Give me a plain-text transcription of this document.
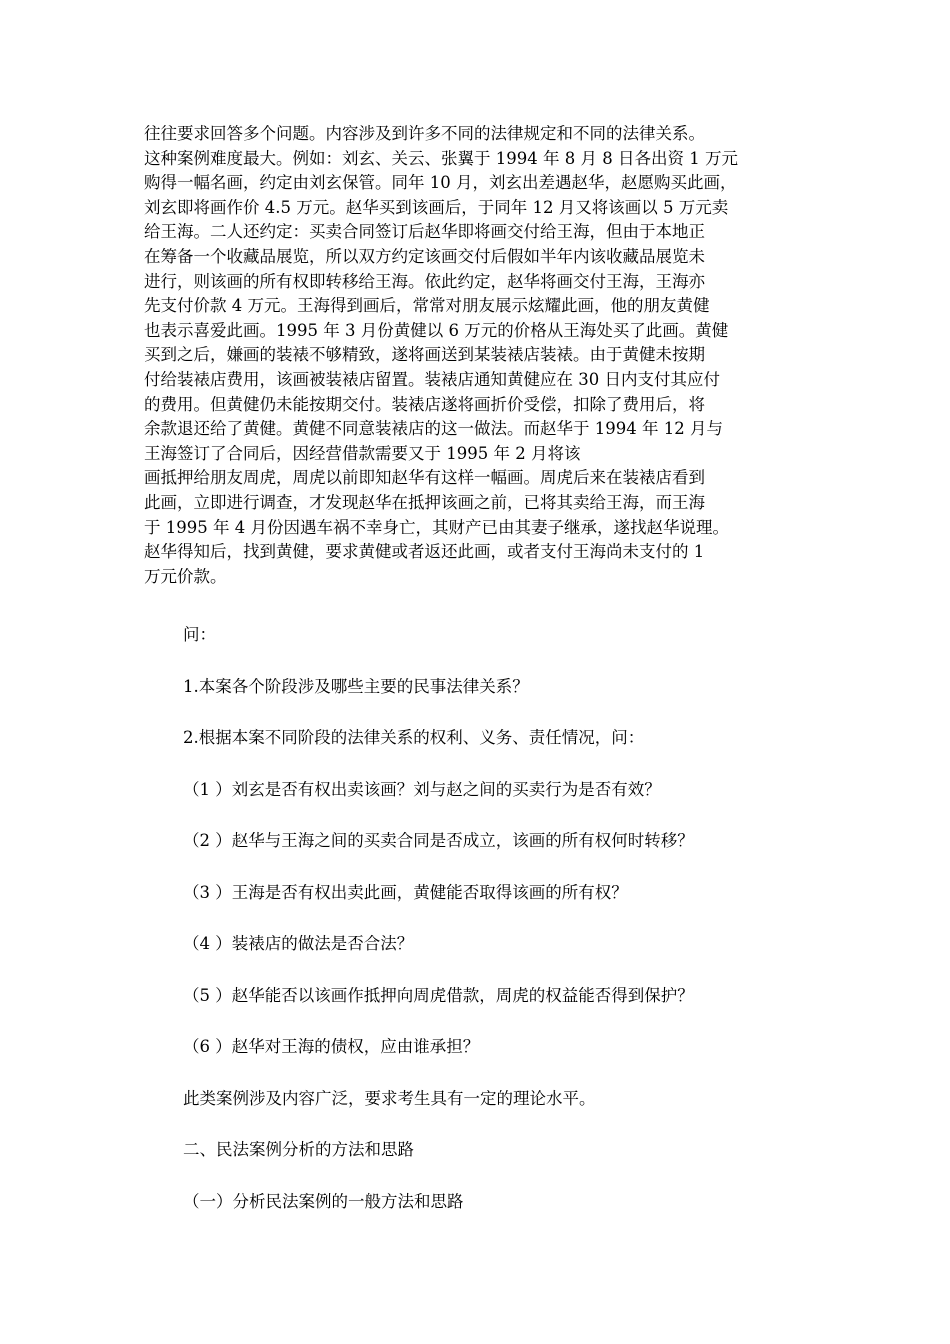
往往要求回答多个问题。内容涉及到许多不同的法律规定和不同的法律关系。
这种案例难度最大。例如：刘玄、关云、张翼于 1994 年 8 月 8 日各出资 1 万元
购得一幅名画，约定由刘玄保管。同年 10 月，刘玄出差遇赵华，赵愿购买此画，
刘玄即将画作价 4.5 万元。赵华买到该画后，于同年 12 月又将该画以 5 万元卖
给王海。二人还约定：买卖合同签订后赵华即将画交付给王海，但由于本地正
在筹备一个收藏品展览，所以双方约定该画交付后假如半年内该收藏品展览未
进行，则该画的所有权即转移给王海。依此约定，赵华将画交付王海，王海亦
先支付价款 4 万元。王海得到画后，常常对朋友展示炫耀此画，他的朋友黄健
也表示喜爱此画。1995 年 3 月份黄健以 6 万元的价格从王海处买了此画。黄健
买到之后，嫌画的装裱不够精致，遂将画送到某装裱店装裱。由于黄健未按期
付给装裱店费用，该画被装裱店留置。装裱店通知黄健应在 30 日内支付其应付
的费用。但黄健仍未能按期交付。装裱店遂将画折价受偿，扣除了费用后，将
余款退还给了黄健。黄健不同意装裱店的这一做法。而赵华于 1994 年 12 月与
王海签订了合同后，因经营借款需要又于 1995 年 2 月将该
画抵押给朋友周虎，周虎以前即知赵华有这样一幅画。周虎后来在装裱店看到
此画，立即进行调查，才发现赵华在抵押该画之前，已将其卖给王海，而王海
于 1995 年 4 月份因遇车祸不幸身亡，其财产已由其妻子继承，遂找赵华说理。
赵华得知后，找到黄健，要求黄健或者返还此画，或者支付王海尚未支付的 1
万元价款。
问：
1.本案各个阶段涉及哪些主要的民事法律关系？
2.根据本案不同阶段的法律关系的权利、义务、责任情况，问：
（1 ）刘玄是否有权出卖该画？刘与赵之间的买卖行为是否有效？
（2 ）赵华与王海之间的买卖合同是否成立，该画的所有权何时转移？
（3 ）王海是否有权出卖此画，黄健能否取得该画的所有权？
（4 ）装裱店的做法是否合法？
（5 ）赵华能否以该画作抵押向周虎借款，周虎的权益能否得到保护？
（6 ）赵华对王海的债权，应由谁承担？
此类案例涉及内容广泛，要求考生具有一定的理论水平。
二、民法案例分析的方法和思路
（一）分析民法案例的一般方法和思路
